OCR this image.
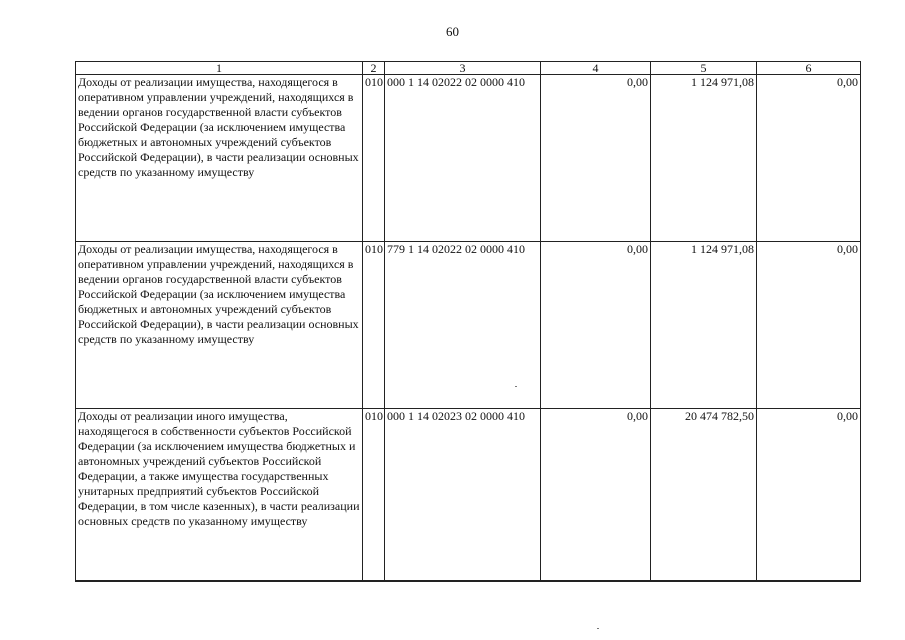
60
1	2	3	4	5	6
Доходы от реализации имущества, находящегося в оперативном управлении учреждений, находящихся в ведении органов государственной власти субъектов Российской Федерации (за исключением имущества бюджетных и автономных учреждений субъектов Российской Федерации), в части реализации основных средств по указанному имуществу	010	000 1 14 02022 02 0000 410	0,00	1 124 971,08	0,00
Доходы от реализации имущества, находящегося в оперативном управлении учреждений, находящихся в ведении органов государственной власти субъектов Российской Федерации (за исключением имущества бюджетных и автономных учреждений субъектов Российской Федерации), в части реализации основных средств по указанному имуществу	010	779 1 14 02022 02 0000 410	0,00	1 124 971,08	0,00
Доходы от реализации иного имущества, находящегося в собственности субъектов Российской Федерации (за исключением имущества бюджетных и автономных учреждений субъектов Российской Федерации, а также имущества государственных унитарных предприятий субъектов Российской Федерации, в том числе казенных), в части реализации основных средств по указанному имуществу	010	000 1 14 02023 02 0000 410	0,00	20 474 782,50	0,00
